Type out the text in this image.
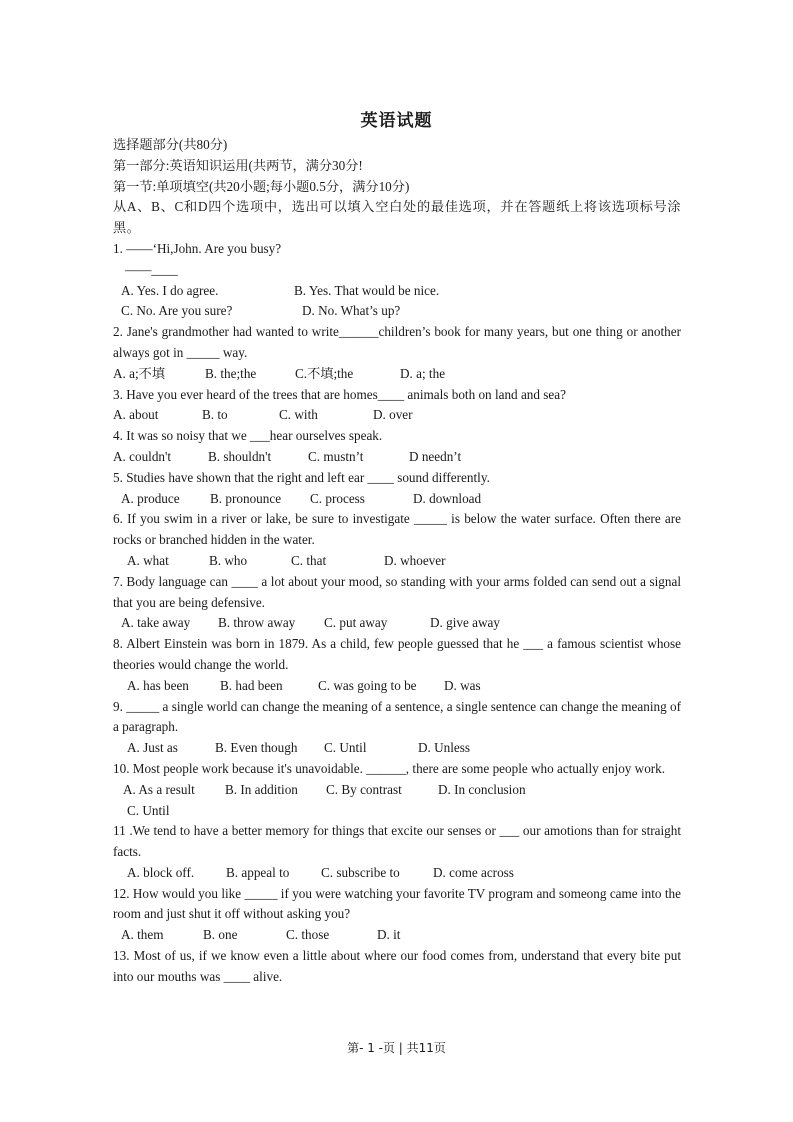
英语试题
选择题部分(共80分)
第一部分:英语知识运用(共两节，满分30分!
第一节:单项填空(共20小题;每小题0.5分，满分10分)
从A、B、C和D四个选项中，选出可以填入空白处的最佳选项，并在答题纸上将该选项标号涂黑。
1. ——‘Hi,John. Are you busy?
——____
A. Yes. I do agree.	B. Yes. That would be nice.
C. No. Are you sure?	D. No. What’s up?
2. Jane's grandmother had wanted to write______children’s book for many years, but one thing or another always got in _____ way.
A. a;不填	B. the;the	C.不填;the	D. a; the
3. Have you ever heard of the trees that are homes____ animals both on land and sea?
A. about	B. to	C. with	D. over
4. It was so noisy that we ___hear ourselves speak.
A. couldn't	B. shouldn't	C. mustn’t	D needn’t
5. Studies have shown that the right and left ear ____ sound differently.
A. produce B. pronounce C. process	D. download
6. If you swim in a river or lake, be sure to investigate _____ is below the water surface. Often there are rocks or branched hidden in the water.
A. what	B. who	C. that	D. whoever
7. Body language can ____ a lot about your mood, so standing with your arms folded can send out a signal that you are being defensive.
A. take away B. throw away C. put away	D. give away
8. Albert Einstein was born in 1879. As a child, few people guessed that he ___ a famous scientist whose theories would change the world.
A. has been B. had been	C. was going to be D. was
9. _____ a single world can change the meaning of a sentence, a single sentence can change the meaning of a paragraph.
A. Just as	B. Even though C. Until	D. Unless
10. Most people work because it's unavoidable. ______, there are some people who actually enjoy work.
A. As a result B. In addition C. By contrast	D. In conclusion
C. Until
11 .We tend to have a better memory for things that excite our senses or ___ our amotions than for straight facts.
A. block off. B. appeal to C. subscribe to	D. come across
12. How would you like _____ if you were watching your favorite TV program and someong came into the room and just shut it off without asking you?
A. them	B. one	C. those	D. it
13. Most of us, if we know even a little about where our food comes from, understand that every bite put into our mouths was ____ alive.
第- 1 -页 | 共11页
